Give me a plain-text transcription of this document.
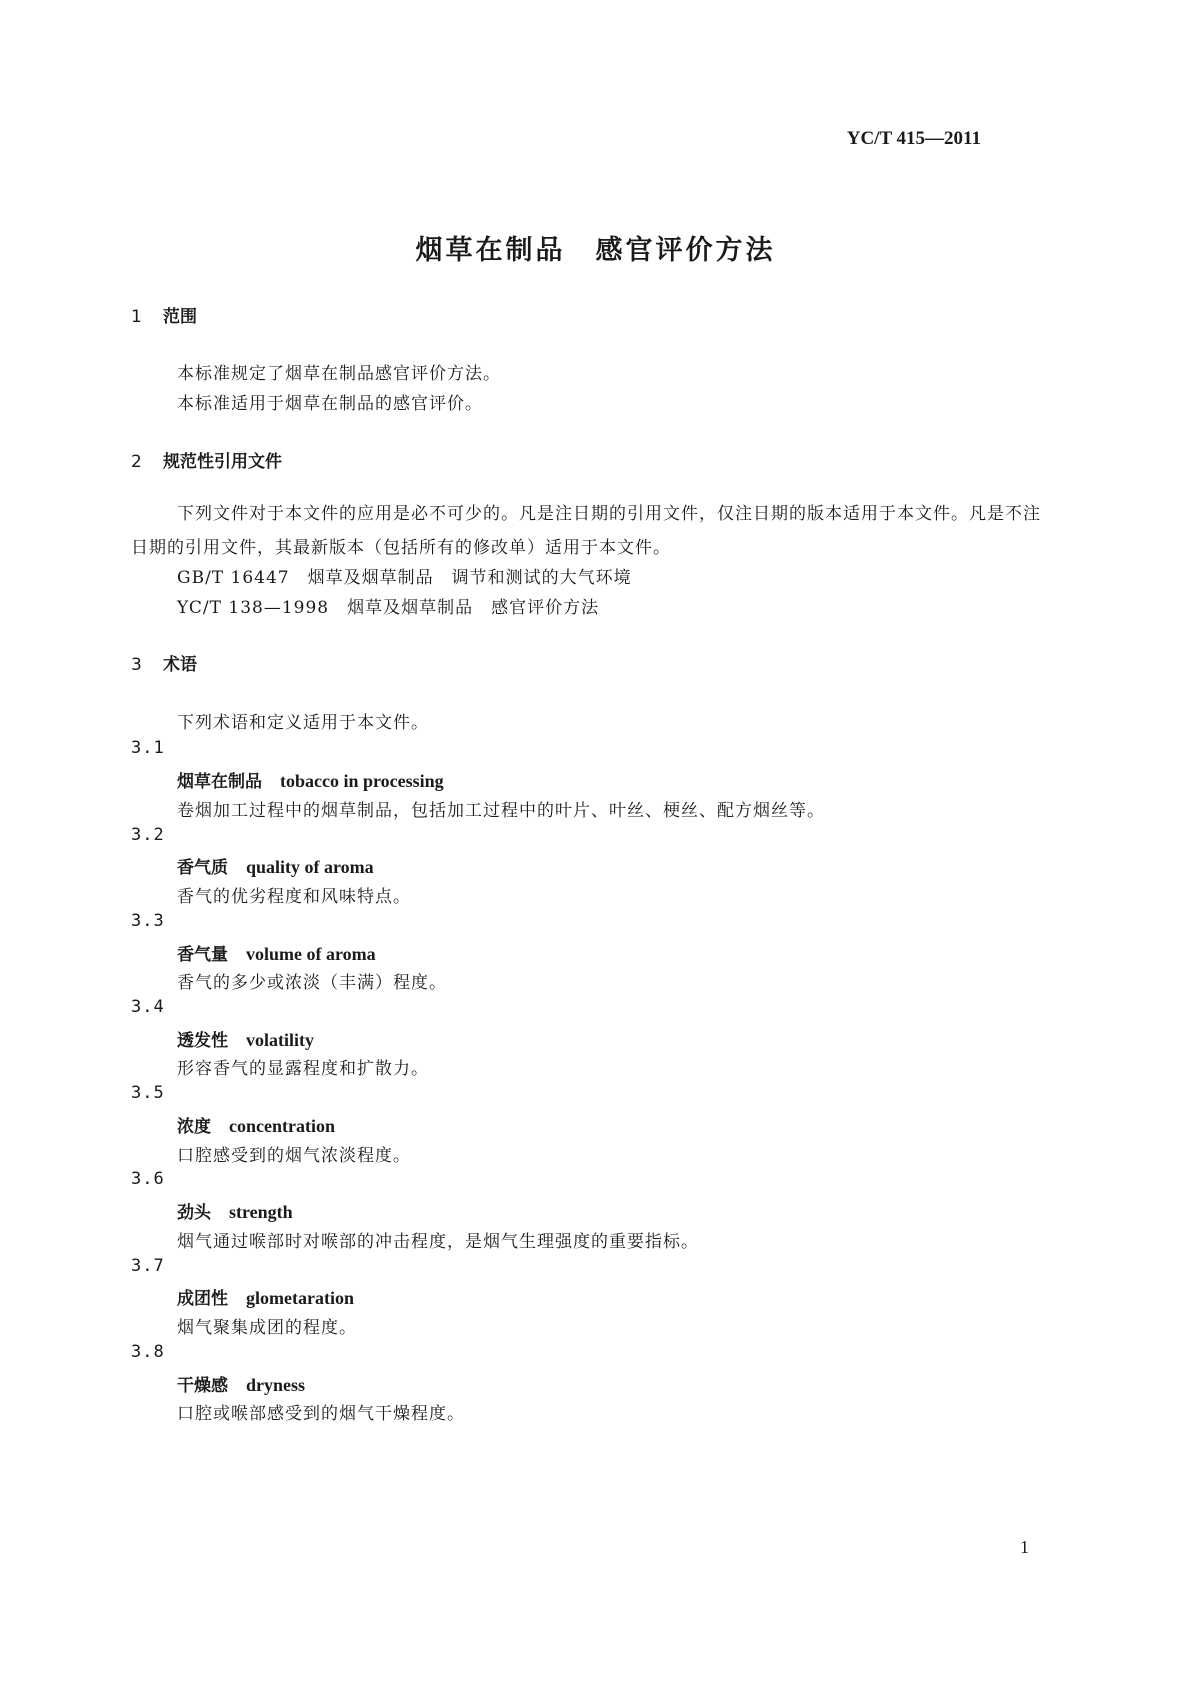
YC/T 415—2011
烟草在制品 感官评价方法
1 范围
本标准规定了烟草在制品感官评价方法。
本标准适用于烟草在制品的感官评价。
2 规范性引用文件
下列文件对于本文件的应用是必不可少的。凡是注日期的引用文件，仅注日期的版本适用于本文件。凡是不注日期的引用文件，其最新版本（包括所有的修改单）适用于本文件。
GB/T 16447 烟草及烟草制品 调节和测试的大气环境
YC/T 138—1998 烟草及烟草制品 感官评价方法
3 术语
下列术语和定义适用于本文件。
3.1
烟草在制品 tobacco in processing
卷烟加工过程中的烟草制品，包括加工过程中的叶片、叶丝、梗丝、配方烟丝等。
3.2
香气质 quality of aroma
香气的优劣程度和风味特点。
3.3
香气量 volume of aroma
香气的多少或浓淡（丰满）程度。
3.4
透发性 volatility
形容香气的显露程度和扩散力。
3.5
浓度 concentration
口腔感受到的烟气浓淡程度。
3.6
劲头 strength
烟气通过喉部时对喉部的冲击程度，是烟气生理强度的重要指标。
3.7
成团性 glometaration
烟气聚集成团的程度。
3.8
干燥感 dryness
口腔或喉部感受到的烟气干燥程度。
1
